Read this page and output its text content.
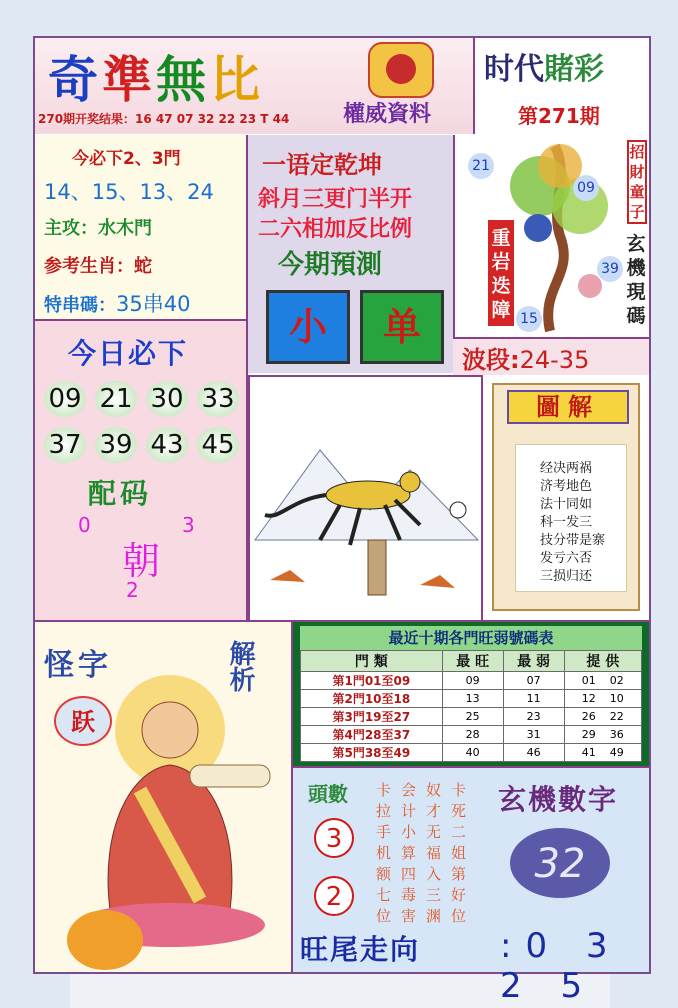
奇準無比
權威資料
270期开奖结果：16 47 07 32 22 23 T 44
时代賭彩
第271期
今必下2、3門
14、15、13、24
主攻：水木門
参考生肖：蛇
特串碼：35串40
一语定乾坤
斜月三更门半开
二六相加反比例
今期預測
小	单
21
09
39
15
重岩迭障
招財童子
玄機現碼
波段:24-35
今日必下
09 21 30 33
37 39 43 45
配码
0	3
朝
2
圖解
经决两祸
济考地色
法十同如
科一发三
技分带是寨
发亏六否
三损归还
怪字	解析
跃
最近十期各門旺弱號碼表
門 類	最 旺	最 弱	提 供
第1門01至09	09	07	01 02
第2門10至18	13	11	12 10
第3門19至27	25	23	26 22
第4門28至37	28	31	29 36
第5門38至49	40	46	41 49
頭數
3
2
卡会奴卡
拉计才死
手小无二
机算福姐
额四入第
七毒三好
位害渊位
玄機數字
32
旺尾走向 :0 3 2 5
